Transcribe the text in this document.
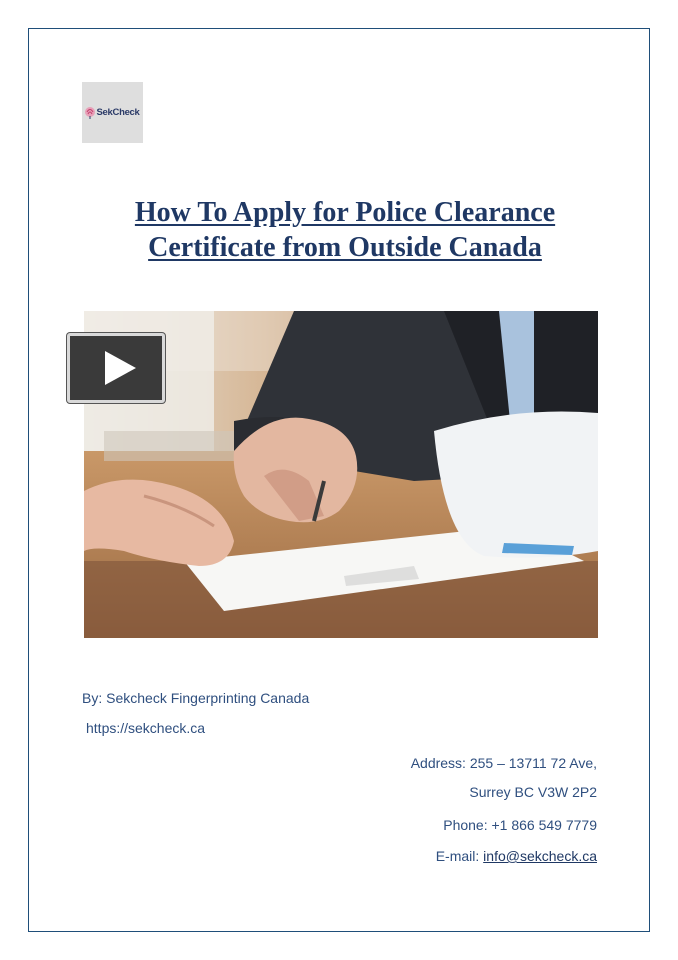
SekCheck
How To Apply for Police Clearance
Certificate from Outside Canada
By: Sekcheck Fingerprinting Canada
https://sekcheck.ca
Address: 255 – 13711 72 Ave,
Surrey BC V3W 2P2
Phone: +1 866 549 7779
E-mail: info@sekcheck.ca
